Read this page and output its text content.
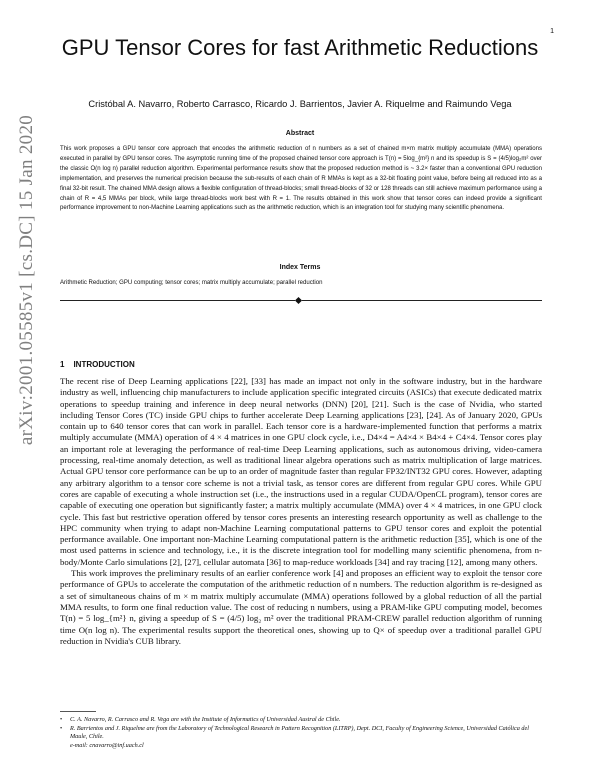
1
arXiv:2001.05585v1 [cs.DC] 15 Jan 2020
GPU Tensor Cores for fast Arithmetic Reductions
Cristóbal A. Navarro, Roberto Carrasco, Ricardo J. Barrientos, Javier A. Riquelme and Raimundo Vega
Abstract

This work proposes a GPU tensor core approach that encodes the arithmetic reduction of n numbers as a set of chained m×m matrix multiply accumulate (MMA) operations executed in parallel by GPU tensor cores. The asymptotic running time of the proposed chained tensor core approach is T(n) = 5log_{m²} n and its speedup is S = (4/5)log₂m² over the classic O(n log n) parallel reduction algorithm. Experimental performance results show that the proposed reduction method is ~ 3.2× faster than a conventional GPU reduction implementation, and preserves the numerical precision because the sub-results of each chain of R MMAs is kept as a 32-bit floating point value, before being all reduced into as a final 32-bit result. The chained MMA design allows a flexible configuration of thread-blocks; small thread-blocks of 32 or 128 threads can still achieve maximum performance using a chain of R = 4,5 MMAs per block, while large thread-blocks work best with R = 1. The results obtained in this work show that tensor cores can indeed provide a significant performance improvement to non-Machine Learning applications such as the arithmetic reduction, which is an integration tool for studying many scientific phenomena.

Index Terms
Arithmetic Reduction; GPU computing; tensor cores; matrix multiply accumulate; parallel reduction
1 INTRODUCTION

The recent rise of Deep Learning applications [22], [33] has made an impact not only in the software industry, but in the hardware industry as well, influencing chip manufacturers to include application specific integrated circuits (ASICs) that execute dedicated matrix operations to speedup training and inference in deep neural networks (DNN) [20], [21]. Such is the case of Nvidia, who started including Tensor Cores (TC) inside GPU chips to further accelerate Deep Learning applications [23], [24]. As of January 2020, GPUs contain up to 640 tensor cores that can work in parallel. Each tensor core is a hardware-implemented function that performs a matrix multiply accumulate (MMA) operation of 4 × 4 matrices in one GPU clock cycle, i.e., D4×4 = A4×4 × B4×4 + C4×4. Tensor cores play an important role at leveraging the performance of real-time Deep Learning applications, such as autonomous driving, video-camera processing, real-time anomaly detection, as well as traditional linear algebra operations such as matrix multiplication of large matrices. Actual GPU tensor core performance can be up to an order of magnitude faster than regular FP32/INT32 GPU cores. However, adapting any arbitrary algorithm to a tensor core scheme is not a trivial task, as tensor cores are different from regular GPU cores. While GPU cores are capable of executing a whole instruction set (i.e., the instructions used in a regular CUDA/OpenCL program), tensor cores are capable of executing one operation but significantly faster; a matrix multiply accumulate (MMA) over 4 × 4 matrices, in one GPU clock cycle. This fast but restrictive operation offered by tensor cores presents an interesting research opportunity as well as challenge to the HPC community when trying to adapt non-Machine Learning computational patterns to GPU tensor cores and exploit the potential performance available. One important non-Machine Learning computational pattern is the arithmetic reduction [35], which is one of the most used patterns in science and technology, i.e., it is the discrete integration tool for modelling many scientific phenomena, from n-body/Monte Carlo simulations [2], [27], cellular automata [36] to map-reduce workloads [34] and ray tracing [12], among many others.

This work improves the preliminary results of an earlier conference work [4] and proposes an efficient way to exploit the tensor core performance of GPUs to accelerate the computation of the arithmetic reduction of n numbers. The reduction algorithm is re-designed as a set of simultaneous chains of m × m matrix multiply accumulate (MMA) operations followed by a global reduction of all the partial MMA results, to form one final reduction value. The cost of reducing n numbers, using a PRAM-like GPU computing model, becomes T(n) = 5 log_{m²} n, giving a speedup of S = (4/5) log₂ m² over the traditional PRAM-CREW parallel reduction algorithm of running time O(n log n). The experimental results support the theoretical ones, showing up to Q× of speedup over a traditional parallel GPU reduction in Nvidia's CUB library.

• C. A. Navarro, R. Carrasco and R. Vega are with the Institute of Informatics of Universidad Austral de Chile.
• R. Barrientos and J. Riquelme are from the Laboratory of Technological Research in Pattern Recognition (LITRP), Dept. DCI, Faculty of Engineering Science, Universidad Católica del Maule, Chile.
e-mail: cnavarro@inf.uach.cl
